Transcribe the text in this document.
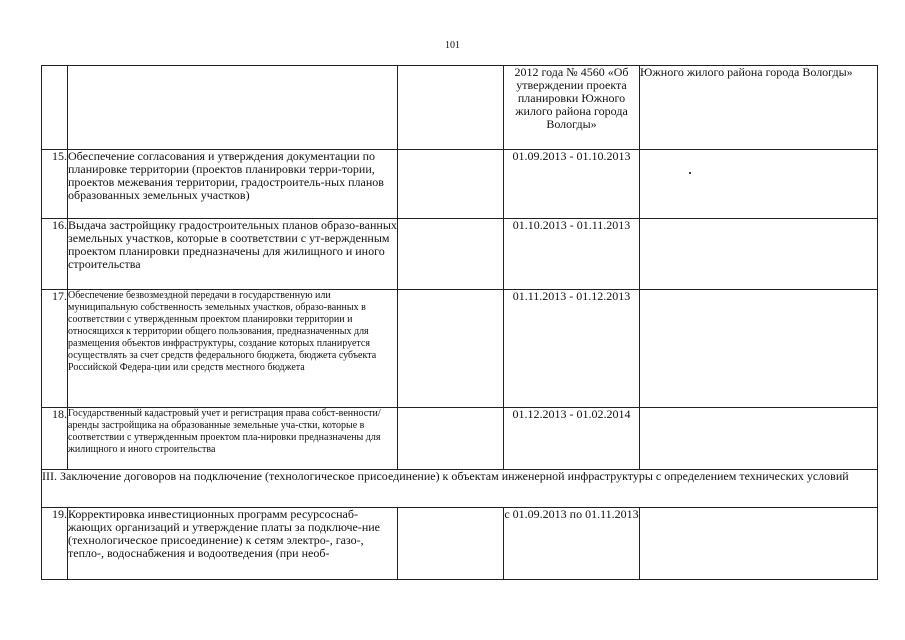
101
			2012 года № 4560 «Об утверждении проекта планировки Южного жилого района города Вологды»	Южного жилого района города Вологды»
15.	Обеспечение согласования и утверждения документации по планировке территории (проектов планировки терри-тории, проектов межевания территории, градостроитель-ных планов образованных земельных участков)		01.09.2013 - 01.10.2013	

16.	Выдача застройщику градостроительных планов образо-ванных земельных участков, которые в соответствии с ут-вержденным проектом планировки предназначены для жилищного и иного строительства		01.10.2013 - 01.11.2013	
17.	Обеспечение безвозмездной передачи в государственную или муниципальную собственность земельных участков, образо-ванных в соответствии с утвержденным проектом планировки территории и относящихся к территории общего пользования, предназначенных для размещения объектов инфраструктуры, создание которых планируется осуществлять за счет средств федерального бюджета, бюджета субъекта Российской Федера-ции или средств местного бюджета		01.11.2013 - 01.12.2013	
18.	Государственный кадастровый учет и регистрация права собст-венности/аренды застройщика на образованные земельные уча-стки, которые в соответствии с утвержденным проектом пла-нировки предназначены для жилищного и иного строительства		01.12.2013 - 01.02.2014	
III. Заключение договоров на подключение (технологическое присоединение) к объектам инженерной инфраструктуры с определением технических условий				
19.	Корректировка инвестиционных программ ресурсоснаб-жающих организаций и утверждение платы за подключе-ние (технологическое присоединение) к сетям электро-, газо-, тепло-, водоснабжения и водоотведения (при необ-		с 01.09.2013 по 01.11.2013	
